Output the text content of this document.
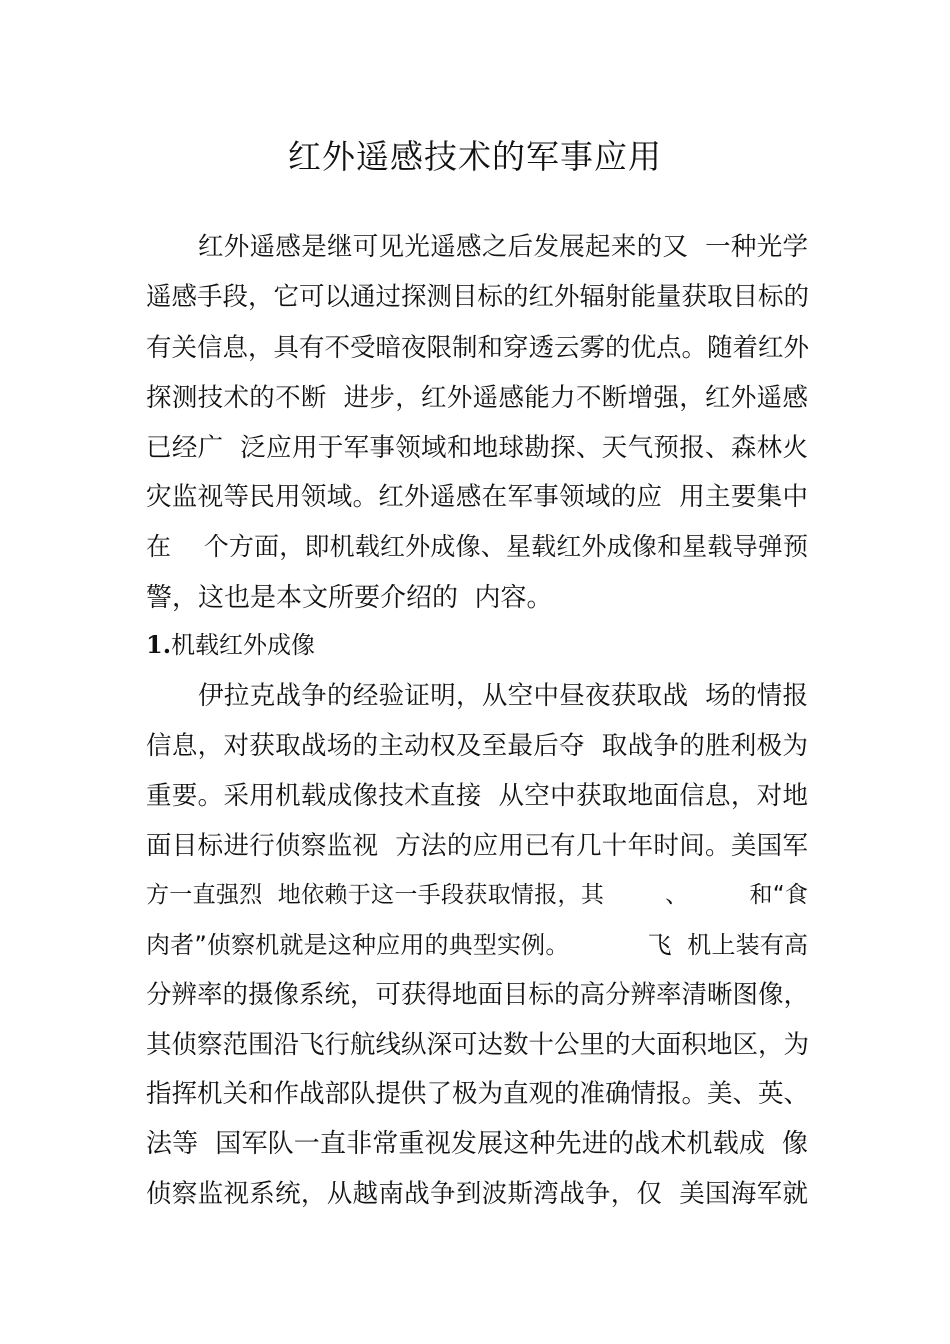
红外遥感技术的军事应用
红外遥感是继可见光遥感之后发展起来的又  一种光学
遥感手段，它可以通过探测目标的红外辐射能量获取目标的
有关信息，具有不受暗夜限制和穿透云雾的优点。随着红外
探测技术的不断  进步，红外遥感能力不断增强，红外遥感
已经广  泛应用于军事领域和地球勘探、天气预报、森林火
灾监视等民用领域。红外遥感在军事领域的应  用主要集中
在    个方面，即机载红外成像、星载红外成像和星载导弹预
警，这也是本文所要介绍的  内容。
1.机载红外成像
伊拉克战争的经验证明，从空中昼夜获取战  场的情报
信息，对获取战场的主动权及至最后夺  取战争的胜利极为
重要。采用机载成像技术直接  从空中获取地面信息，对地
面目标进行侦察监视  方法的应用已有几十年时间。美国军
方一直强烈  地依赖于这一手段获取情报，其        、        和“食
肉者”侦察机就是这种应用的典型实例。          飞  机上装有高
分辨率的摄像系统，可获得地面目标的高分辨率清晰图像，
其侦察范围沿飞行航线纵深可达数十公里的大面积地区，为
指挥机关和作战部队提供了极为直观的准确情报。美、英、
法等  国军队一直非常重视发展这种先进的战术机载成  像
侦察监视系统，从越南战争到波斯湾战争，仅  美国海军就
